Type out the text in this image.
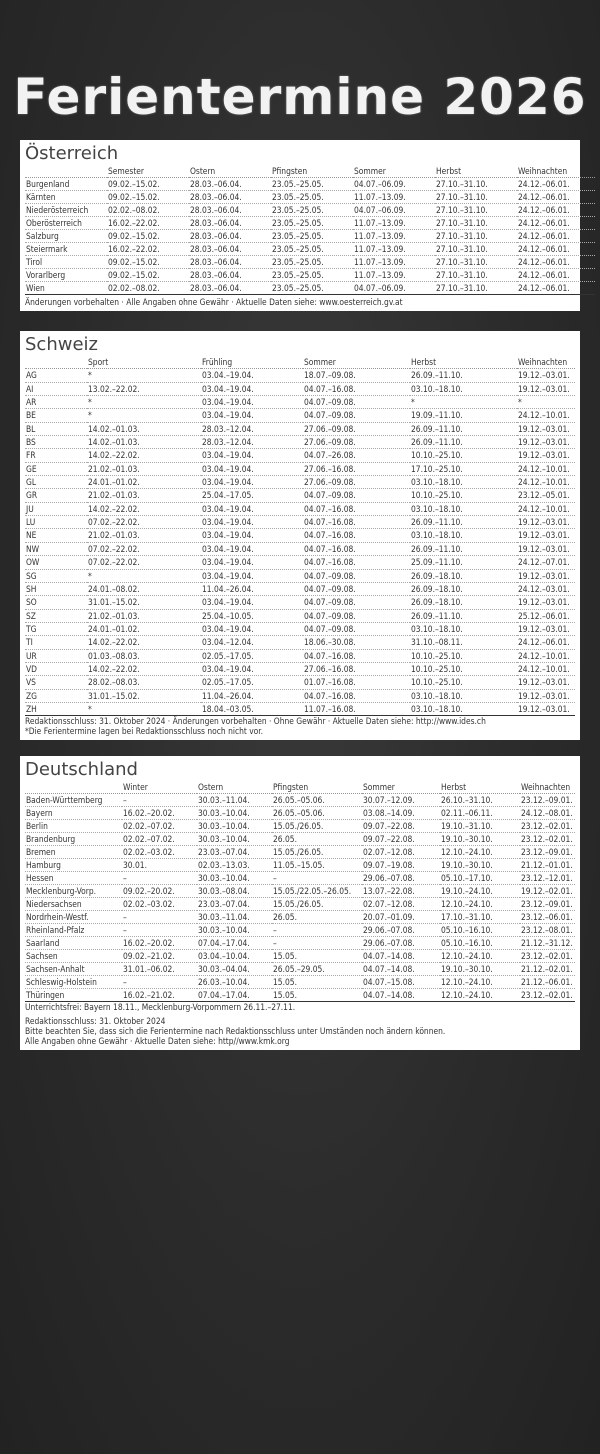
Ferientermine 2026
Österreich
	Semester	Ostern	Pfingsten	Sommer	Herbst	Weihnachten
Burgenland	09.02.–15.02.	28.03.–06.04.	23.05.–25.05.	04.07.–06.09.	27.10.–31.10.	24.12.–06.01.
Kärnten	09.02.–15.02.	28.03.–06.04.	23.05.–25.05.	11.07.–13.09.	27.10.–31.10.	24.12.–06.01.
Niederösterreich	02.02.–08.02.	28.03.–06.04.	23.05.–25.05.	04.07.–06.09.	27.10.–31.10.	24.12.–06.01.
Oberösterreich	16.02.–22.02.	28.03.–06.04.	23.05.–25.05.	11.07.–13.09.	27.10.–31.10.	24.12.–06.01.
Salzburg	09.02.–15.02.	28.03.–06.04.	23.05.–25.05.	11.07.–13.09.	27.10.–31.10.	24.12.–06.01.
Steiermark	16.02.–22.02.	28.03.–06.04.	23.05.–25.05.	11.07.–13.09.	27.10.–31.10.	24.12.–06.01.
Tirol	09.02.–15.02.	28.03.–06.04.	23.05.–25.05.	11.07.–13.09.	27.10.–31.10.	24.12.–06.01.
Vorarlberg	09.02.–15.02.	28.03.–06.04.	23.05.–25.05.	11.07.–13.09.	27.10.–31.10.	24.12.–06.01.
Wien	02.02.–08.02.	28.03.–06.04.	23.05.–25.05.	04.07.–06.09.	27.10.–31.10.	24.12.–06.01.
Änderungen vorbehalten · Alle Angaben ohne Gewähr · Aktuelle Daten siehe: www.oesterreich.gv.at
Schweiz
	Sport	Frühling	Sommer	Herbst	Weihnachten
AG	*	03.04.–19.04.	18.07.–09.08.	26.09.–11.10.	19.12.–03.01.
AI	13.02.–22.02.	03.04.–19.04.	04.07.–16.08.	03.10.–18.10.	19.12.–03.01.
AR	*	03.04.–19.04.	04.07.–09.08.	*	*
BE	*	03.04.–19.04.	04.07.–09.08.	19.09.–11.10.	24.12.–10.01.
BL	14.02.–01.03.	28.03.–12.04.	27.06.–09.08.	26.09.–11.10.	19.12.–03.01.
BS	14.02.–01.03.	28.03.–12.04.	27.06.–09.08.	26.09.–11.10.	19.12.–03.01.
FR	14.02.–22.02.	03.04.–19.04.	04.07.–26.08.	10.10.–25.10.	19.12.–03.01.
GE	21.02.–01.03.	03.04.–19.04.	27.06.–16.08.	17.10.–25.10.	24.12.–10.01.
GL	24.01.–01.02.	03.04.–19.04.	27.06.–09.08.	03.10.–18.10.	24.12.–10.01.
GR	21.02.–01.03.	25.04.–17.05.	04.07.–09.08.	10.10.–25.10.	23.12.–05.01.
JU	14.02.–22.02.	03.04.–19.04.	04.07.–16.08.	03.10.–18.10.	24.12.–10.01.
LU	07.02.–22.02.	03.04.–19.04.	04.07.–16.08.	26.09.–11.10.	19.12.–03.01.
NE	21.02.–01.03.	03.04.–19.04.	04.07.–16.08.	03.10.–18.10.	19.12.–03.01.
NW	07.02.–22.02.	03.04.–19.04.	04.07.–16.08.	26.09.–11.10.	19.12.–03.01.
OW	07.02.–22.02.	03.04.–19.04.	04.07.–16.08.	25.09.–11.10.	24.12.–07.01.
SG	*	03.04.–19.04.	04.07.–09.08.	26.09.–18.10.	19.12.–03.01.
SH	24.01.–08.02.	11.04.–26.04.	04.07.–09.08.	26.09.–18.10.	24.12.–03.01.
SO	31.01.–15.02.	03.04.–19.04.	04.07.–09.08.	26.09.–18.10.	19.12.–03.01.
SZ	21.02.–01.03.	25.04.–10.05.	04.07.–09.08.	26.09.–11.10.	25.12.–06.01.
TG	24.01.–01.02.	03.04.–19.04.	04.07.–09.08.	03.10.–18.10.	19.12.–03.01.
TI	14.02.–22.02.	03.04.–12.04.	18.06.–30.08.	31.10.–08.11.	24.12.–06.01.
UR	01.03.–08.03.	02.05.–17.05.	04.07.–16.08.	10.10.–25.10.	24.12.–10.01.
VD	14.02.–22.02.	03.04.–19.04.	27.06.–16.08.	10.10.–25.10.	24.12.–10.01.
VS	28.02.–08.03.	02.05.–17.05.	01.07.–16.08.	10.10.–25.10.	19.12.–03.01.
ZG	31.01.–15.02.	11.04.–26.04.	04.07.–16.08.	03.10.–18.10.	19.12.–03.01.
ZH	*	18.04.–03.05.	11.07.–16.08.	03.10.–18.10.	19.12.–03.01.
Redaktionsschluss: 31. Oktober 2024 · Änderungen vorbehalten · Ohne Gewähr · Aktuelle Daten siehe: http://www.ides.ch
*Die Ferientermine lagen bei Redaktionsschluss noch nicht vor.
Deutschland
	Winter	Ostern	Pfingsten	Sommer	Herbst	Weihnachten
Baden-Württemberg	–	30.03.–11.04.	26.05.–05.06.	30.07.–12.09.	26.10.–31.10.	23.12.–09.01.
Bayern	16.02.–20.02.	30.03.–10.04.	26.05.–05.06.	03.08.–14.09.	02.11.–06.11.	24.12.–08.01.
Berlin	02.02.–07.02.	30.03.–10.04.	15.05./26.05.	09.07.–22.08.	19.10.–31.10.	23.12.–02.01.
Brandenburg	02.02.–07.02.	30.03.–10.04.	26.05.	09.07.–22.08.	19.10.–30.10.	23.12.–02.01.
Bremen	02.02.–03.02.	23.03.–07.04.	15.05./26.05.	02.07.–12.08.	12.10.–24.10.	23.12.–09.01.
Hamburg	30.01.	02.03.–13.03.	11.05.–15.05.	09.07.–19.08.	19.10.–30.10.	21.12.–01.01.
Hessen	–	30.03.–10.04.	–	29.06.–07.08.	05.10.–17.10.	23.12.–12.01.
Mecklenburg-Vorp.	09.02.–20.02.	30.03.–08.04.	15.05./22.05.–26.05.	13.07.–22.08.	19.10.–24.10.	19.12.–02.01.
Niedersachsen	02.02.–03.02.	23.03.–07.04.	15.05./26.05.	02.07.–12.08.	12.10.–24.10.	23.12.–09.01.
Nordrhein-Westf.	–	30.03.–11.04.	26.05.	20.07.–01.09.	17.10.–31.10.	23.12.–06.01.
Rheinland-Pfalz	–	30.03.–10.04.	–	29.06.–07.08.	05.10.–16.10.	23.12.–08.01.
Saarland	16.02.–20.02.	07.04.–17.04.	–	29.06.–07.08.	05.10.–16.10.	21.12.–31.12.
Sachsen	09.02.–21.02.	03.04.–10.04.	15.05.	04.07.–14.08.	12.10.–24.10.	23.12.–02.01.
Sachsen-Anhalt	31.01.–06.02.	30.03.–04.04.	26.05.–29.05.	04.07.–14.08.	19.10.–30.10.	21.12.–02.01.
Schleswig-Holstein	–	26.03.–10.04.	15.05.	04.07.–15.08.	12.10.–24.10.	21.12.–06.01.
Thüringen	16.02.–21.02.	07.04.–17.04.	15.05.	04.07.–14.08.	12.10.–24.10.	23.12.–02.01.
Unterrichtsfrei: Bayern 18.11., Mecklenburg-Vorpommern 26.11.–27.11.
Redaktionsschluss: 31. Oktober 2024
Bitte beachten Sie, dass sich die Ferientermine nach Redaktionsschluss unter Umständen noch ändern können.
Alle Angaben ohne Gewähr · Aktuelle Daten siehe: http//www.kmk.org
